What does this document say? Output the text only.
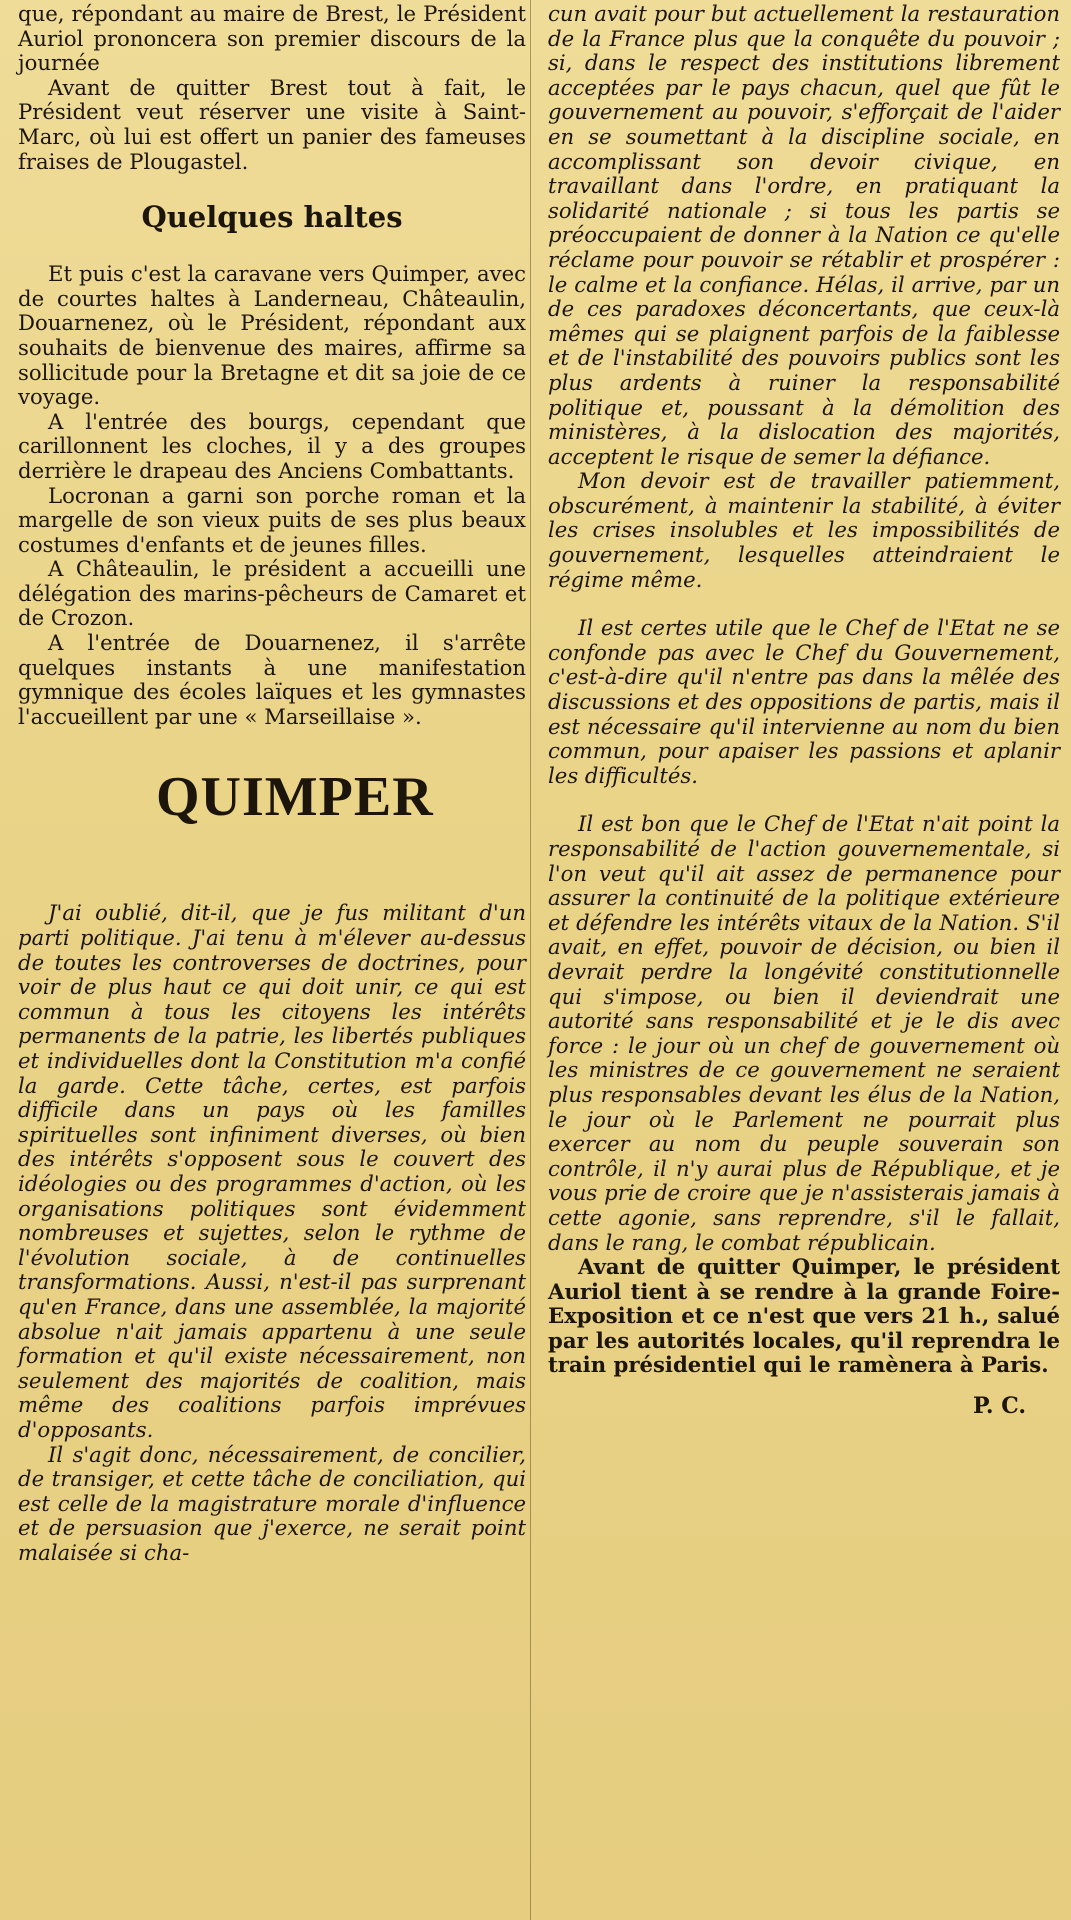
que, répondant au maire de Brest, le Président Auriol prononcera son premier discours de la journée

Avant de quitter Brest tout à fait, le Président veut réserver une visite à Saint-Marc, où lui est offert un panier des fameuses fraises de Plougastel.

Quelques haltes

Et puis c'est la caravane vers Quimper, avec de courtes haltes à Landerneau, Châteaulin, Douarnenez, où le Président, répondant aux souhaits de bienvenue des maires, affirme sa sollicitude pour la Bretagne et dit sa joie de ce voyage.

A l'entrée des bourgs, cependant que carillonnent les cloches, il y a des groupes derrière le drapeau des Anciens Combattants.

Locronan a garni son porche roman et la margelle de son vieux puits de ses plus beaux costumes d'enfants et de jeunes filles.

A Châteaulin, le président a accueilli une délégation des marins-pêcheurs de Camaret et de Crozon.

A l'entrée de Douarnenez, il s'arrête quelques instants à une manifestation gymnique des écoles laïques et les gymnastes l'accueillent par une « Marseillaise ».

QUIMPER

J'ai oublié, dit-il, que je fus militant d'un parti politique. J'ai tenu à m'élever au-dessus de toutes les controverses de doctrines, pour voir de plus haut ce qui doit unir, ce qui est commun à tous les citoyens les intérêts permanents de la patrie, les libertés publiques et individuelles dont la Constitution m'a confié la garde. Cette tâche, certes, est parfois difficile dans un pays où les familles spirituelles sont infiniment diverses, où bien des intérêts s'opposent sous le couvert des idéologies ou des programmes d'action, où les organisations politiques sont évidemment nombreuses et sujettes, selon le rythme de l'évolution sociale, à de continuelles transformations. Aussi, n'est-il pas surprenant qu'en France, dans une assemblée, la majorité absolue n'ait jamais appartenu à une seule formation et qu'il existe nécessairement, non seulement des majorités de coalition, mais même des coalitions parfois imprévues d'opposants.

Il s'agit donc, nécessairement, de concilier, de transiger, et cette tâche de conciliation, qui est celle de la magistrature morale d'influence et de persuasion que j'exerce, ne serait point malaisée si cha-

cun avait pour but actuellement la restauration de la France plus que la conquête du pouvoir ; si, dans le respect des institutions librement acceptées par le pays chacun, quel que fût le gouvernement au pouvoir, s'efforçait de l'aider en se soumettant à la discipline sociale, en accomplissant son devoir civique, en travaillant dans l'ordre, en pratiquant la solidarité nationale ; si tous les partis se préoccupaient de donner à la Nation ce qu'elle réclame pour pouvoir se rétablir et prospérer : le calme et la confiance. Hélas, il arrive, par un de ces paradoxes déconcertants, que ceux-là mêmes qui se plaignent parfois de la faiblesse et de l'instabilité des pouvoirs publics sont les plus ardents à ruiner la responsabilité politique et, poussant à la démolition des ministères, à la dislocation des majorités, acceptent le risque de semer la défiance.

Mon devoir est de travailler patiemment, obscurément, à maintenir la stabilité, à éviter les crises insolubles et les impossibilités de gouvernement, lesquelles atteindraient le régime même.

Il est certes utile que le Chef de l'Etat ne se confonde pas avec le Chef du Gouvernement, c'est-à-dire qu'il n'entre pas dans la mêlée des discussions et des oppositions de partis, mais il est nécessaire qu'il intervienne au nom du bien commun, pour apaiser les passions et aplanir les difficultés.

Il est bon que le Chef de l'Etat n'ait point la responsabilité de l'action gouvernementale, si l'on veut qu'il ait assez de permanence pour assurer la continuité de la politique extérieure et défendre les intérêts vitaux de la Nation. S'il avait, en effet, pouvoir de décision, ou bien il devrait perdre la longévité constitutionnelle qui s'impose, ou bien il deviendrait une autorité sans responsabilité et je le dis avec force : le jour où un chef de gouvernement où les ministres de ce gouvernement ne seraient plus responsables devant les élus de la Nation, le jour où le Parlement ne pourrait plus exercer au nom du peuple souverain son contrôle, il n'y aurai plus de République, et je vous prie de croire que je n'assisterais jamais à cette agonie, sans reprendre, s'il le fallait, dans le rang, le combat républicain.

Avant de quitter Quimper, le président Auriol tient à se rendre à la grande Foire-Exposition et ce n'est que vers 21 h., salué par les autorités locales, qu'il reprendra le train présidentiel qui le ramènera à Paris.

P. C.
